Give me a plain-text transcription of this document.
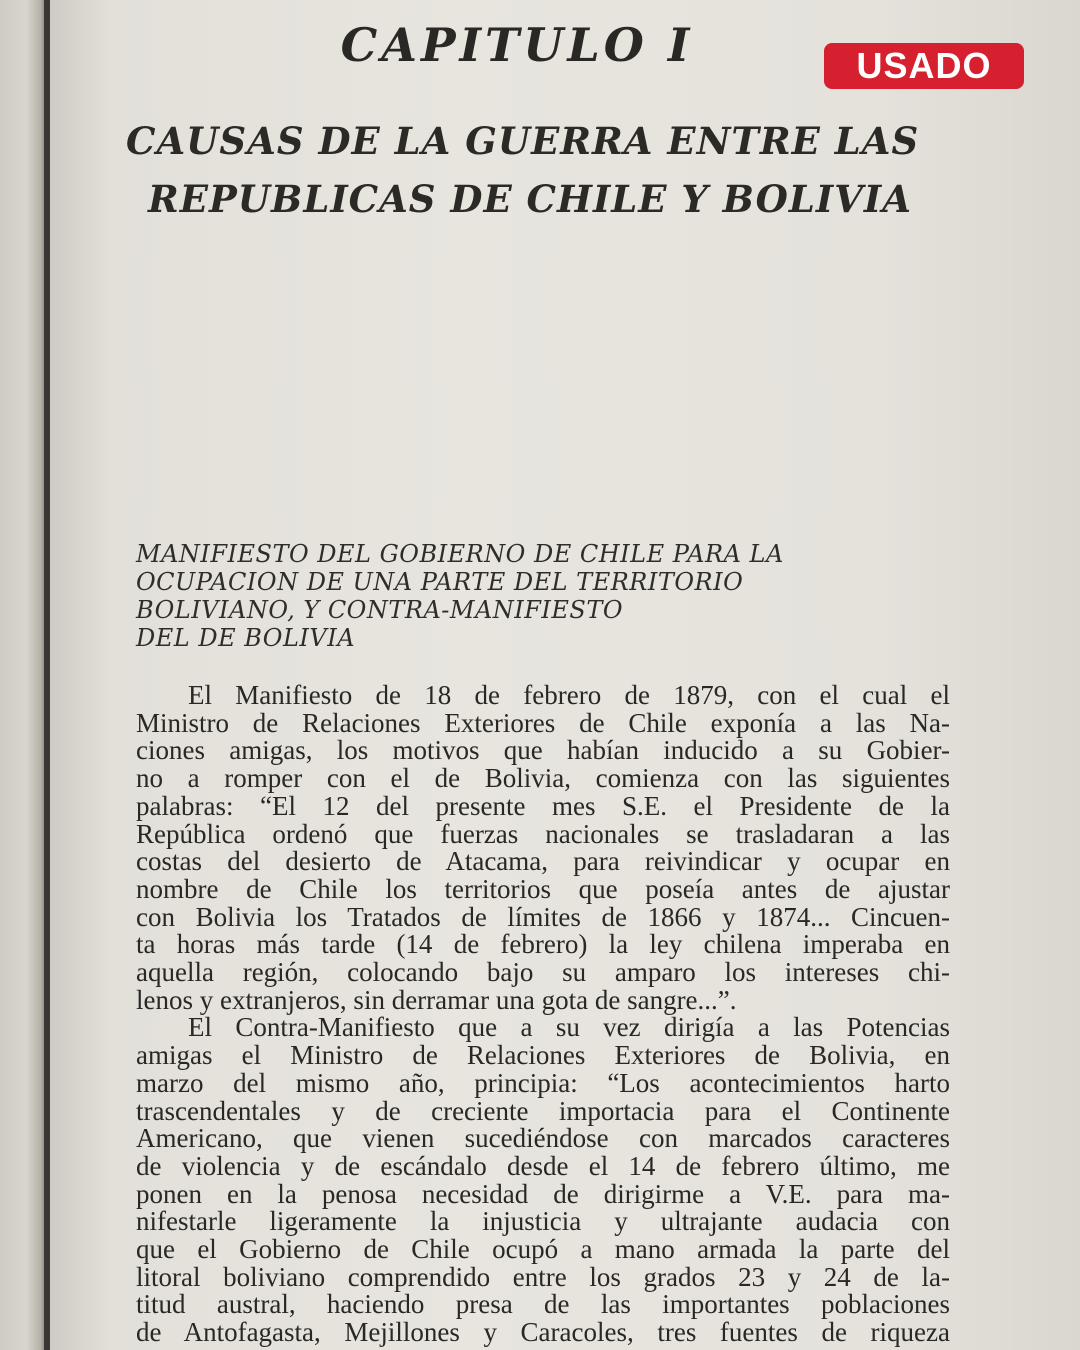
CAPITULO I	USADO
CAUSAS DE LA GUERRA ENTRE LAS
REPUBLICAS DE CHILE Y BOLIVIA
MANIFIESTO DEL GOBIERNO DE CHILE PARA LA
OCUPACION DE UNA PARTE DEL TERRITORIO
BOLIVIANO, Y CONTRA-MANIFIESTO
DEL DE BOLIVIA
El Manifiesto de 18 de febrero de 1879, con el cual el
Ministro de Relaciones Exteriores de Chile exponía a las Na-
ciones amigas, los motivos que habían inducido a su Gobier-
no a romper con el de Bolivia, comienza con las siguientes
palabras: “El 12 del presente mes S.E. el Presidente de la
República ordenó que fuerzas nacionales se trasladaran a las
costas del desierto de Atacama, para reivindicar y ocupar en
nombre de Chile los territorios que poseía antes de ajustar
con Bolivia los Tratados de límites de 1866 y 1874... Cincuen-
ta horas más tarde (14 de febrero) la ley chilena imperaba en
aquella región, colocando bajo su amparo los intereses chi-
lenos y extranjeros, sin derramar una gota de sangre...”.
El Contra-Manifiesto que a su vez dirigía a las Potencias
amigas el Ministro de Relaciones Exteriores de Bolivia, en
marzo del mismo año, principia: “Los acontecimientos harto
trascendentales y de creciente importacia para el Continente
Americano, que vienen sucediéndose con marcados caracteres
de violencia y de escándalo desde el 14 de febrero último, me
ponen en la penosa necesidad de dirigirme a V.E. para ma-
nifestarle ligeramente la injusticia y ultrajante audacia con
que el Gobierno de Chile ocupó a mano armada la parte del
litoral boliviano comprendido entre los grados 23 y 24 de la-
titud austral, haciendo presa de las importantes poblaciones
de Antofagasta, Mejillones y Caracoles, tres fuentes de riqueza
